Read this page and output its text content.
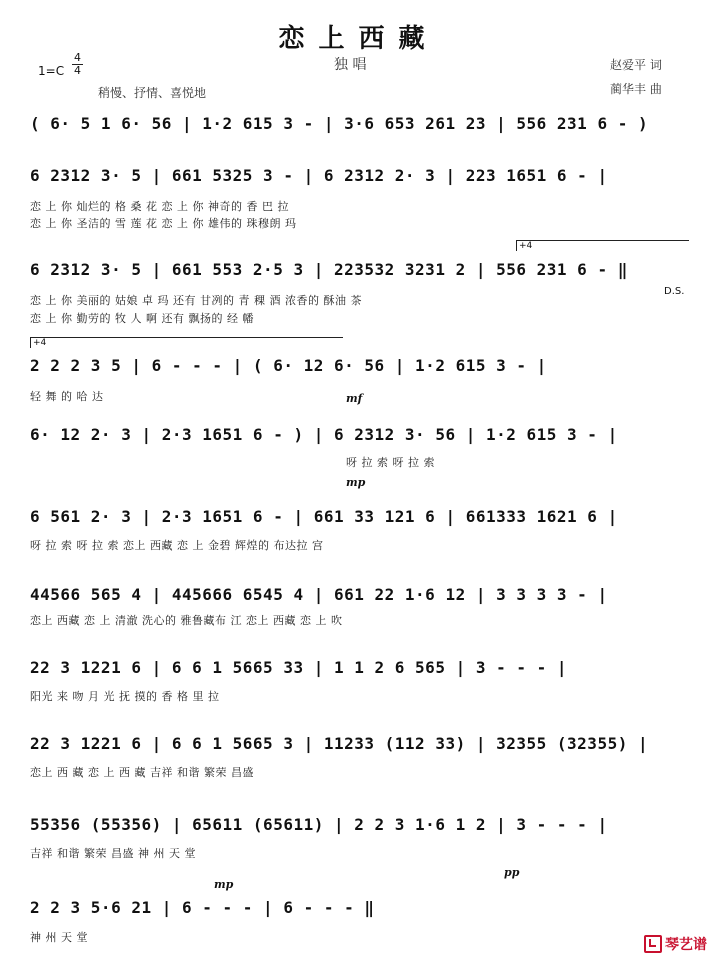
恋上西藏
独 唱
1=C
4
4
稍慢、抒情、喜悦地
赵爱平 词
蔺华丰 曲
( 6· 5 1 6· 56 | 1·2 615 3 - | 3·6 653 261 23 | 556 231 6 - )
6 2312 3· 5 | 661 5325 3 - | 6 2312 2· 3 | 223 1651 6 - |
恋 上 你 灿烂的 格 桑 花 恋 上 你 神奇的 香 巴 拉
恋 上 你 圣洁的 雪 莲 花 恋 上 你 雄伟的 珠穆朗 玛
+4
6 2312 3· 5 | 661 553 2·5 3 | 223532 3231 2 | 556 231 6 - ‖
D.S.
恋 上 你 美丽的 姑娘 卓 玛 还有 甘冽的 青 稞 酒 浓香的 酥油 茶
恋 上 你 勤劳的 牧 人 啊 还有 飘扬的 经 幡
+4
2 2 2 3 5 | 6 - - - | ( 6· 12 6· 56 | 1·2 615 3 - |
轻 舞 的 哈 达	mf
6· 12 2· 3 | 2·3 1651 6 - ) | 6 2312 3· 56 | 1·2 615 3 - |
呀 拉 索 呀 拉 索
mp
6 561 2· 3 | 2·3 1651 6 - | 661 33 121 6 | 661333 1621 6 |
呀 拉 索 呀 拉 索 恋上 西藏 恋 上 金碧 辉煌的 布达拉 宫
44566 565 4 | 445666 6545 4 | 661 22 1·6 12 | 3 3 3 3 - |
恋上 西藏 恋 上 清澈 洗心的 雅鲁藏布 江 恋上 西藏 恋 上 吹
22 3 1221 6 | 6 6 1 5665 33 | 1 1 2 6 565 | 3 - - - |
阳光 来 吻 月 光 抚 摸的 香 格 里 拉
22 3 1221 6 | 6 6 1 5665 3 | 11233 (112 33) | 32355 (32355) |
恋上 西 藏 恋 上 西 藏 吉祥 和谐 繁荣 昌盛
55356 (55356) | 65611 (65611) | 2 2 3 1·6 1 2 | 3 - - - |
吉祥 和谐 繁荣 昌盛 神 州 天 堂
mp
pp
2 2 3 5·6 21 | 6 - - - | 6 - - - ‖
神 州 天 堂	琴艺谱
